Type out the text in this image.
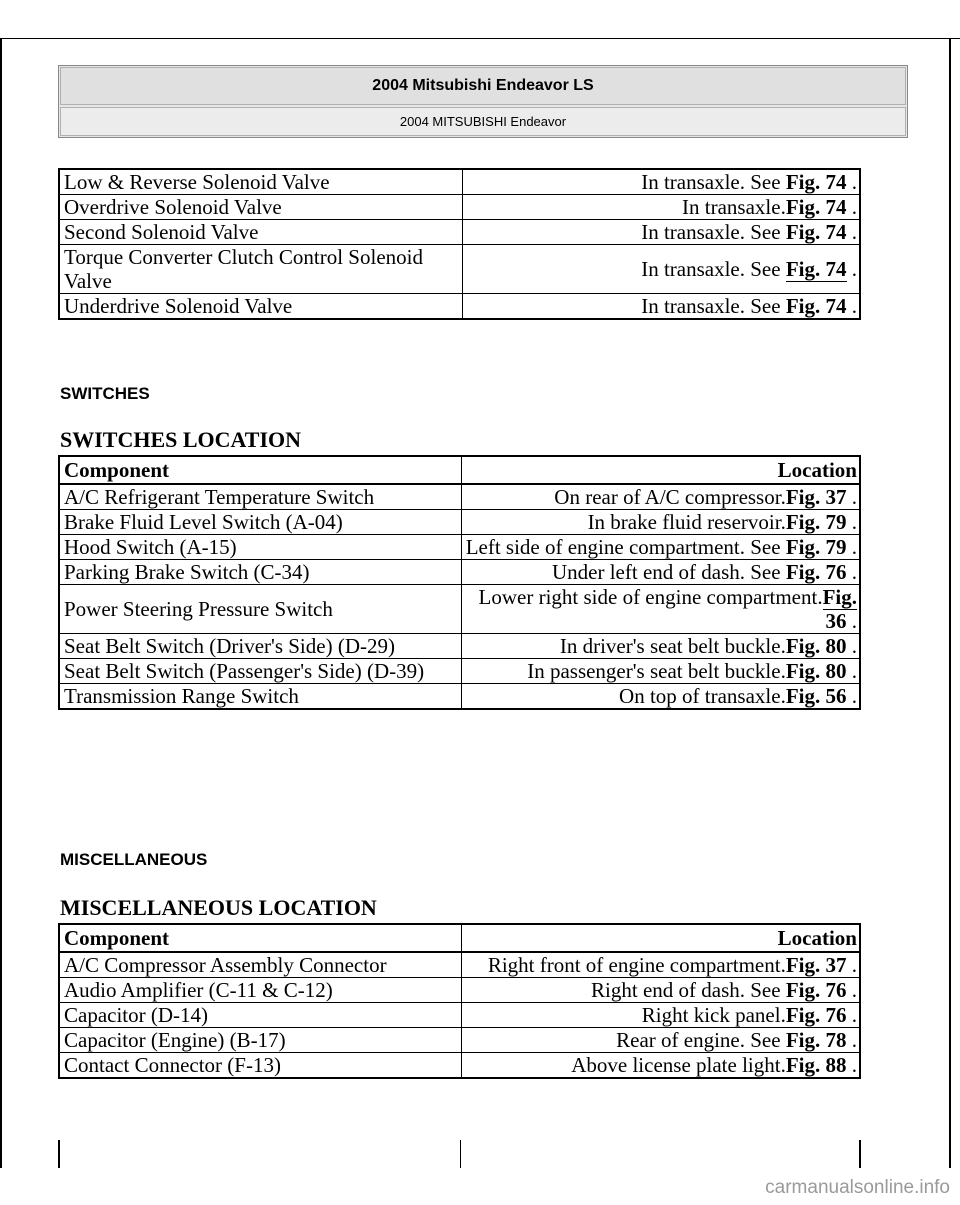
2004 Mitsubishi Endeavor LS
2004 MITSUBISHI Endeavor
Low & Reverse Solenoid Valve	In transaxle. See Fig. 74 .
Overdrive Solenoid Valve	In transaxle.Fig. 74 .
Second Solenoid Valve	In transaxle. See Fig. 74 .
Torque Converter Clutch Control Solenoid Valve	In transaxle. See Fig. 74 .
Underdrive Solenoid Valve	In transaxle. See Fig. 74 .
SWITCHES
SWITCHES LOCATION
Component	Location
A/C Refrigerant Temperature Switch	On rear of A/C compressor.Fig. 37 .
Brake Fluid Level Switch (A-04)	In brake fluid reservoir.Fig. 79 .
Hood Switch (A-15)	Left side of engine compartment. See Fig. 79 .
Parking Brake Switch (C-34)	Under left end of dash. See Fig. 76 .
Power Steering Pressure Switch	Lower right side of engine compartment.Fig. 36 .
Seat Belt Switch (Driver's Side) (D-29)	In driver's seat belt buckle.Fig. 80 .
Seat Belt Switch (Passenger's Side) (D-39)	In passenger's seat belt buckle.Fig. 80 .
Transmission Range Switch	On top of transaxle.Fig. 56 .
MISCELLANEOUS
MISCELLANEOUS LOCATION
Component	Location
A/C Compressor Assembly Connector	Right front of engine compartment.Fig. 37 .
Audio Amplifier (C-11 & C-12)	Right end of dash. See Fig. 76 .
Capacitor (D-14)	Right kick panel.Fig. 76 .
Capacitor (Engine) (B-17)	Rear of engine. See Fig. 78 .
Contact Connector (F-13)	Above license plate light.Fig. 88 .
carmanualsonline.info
